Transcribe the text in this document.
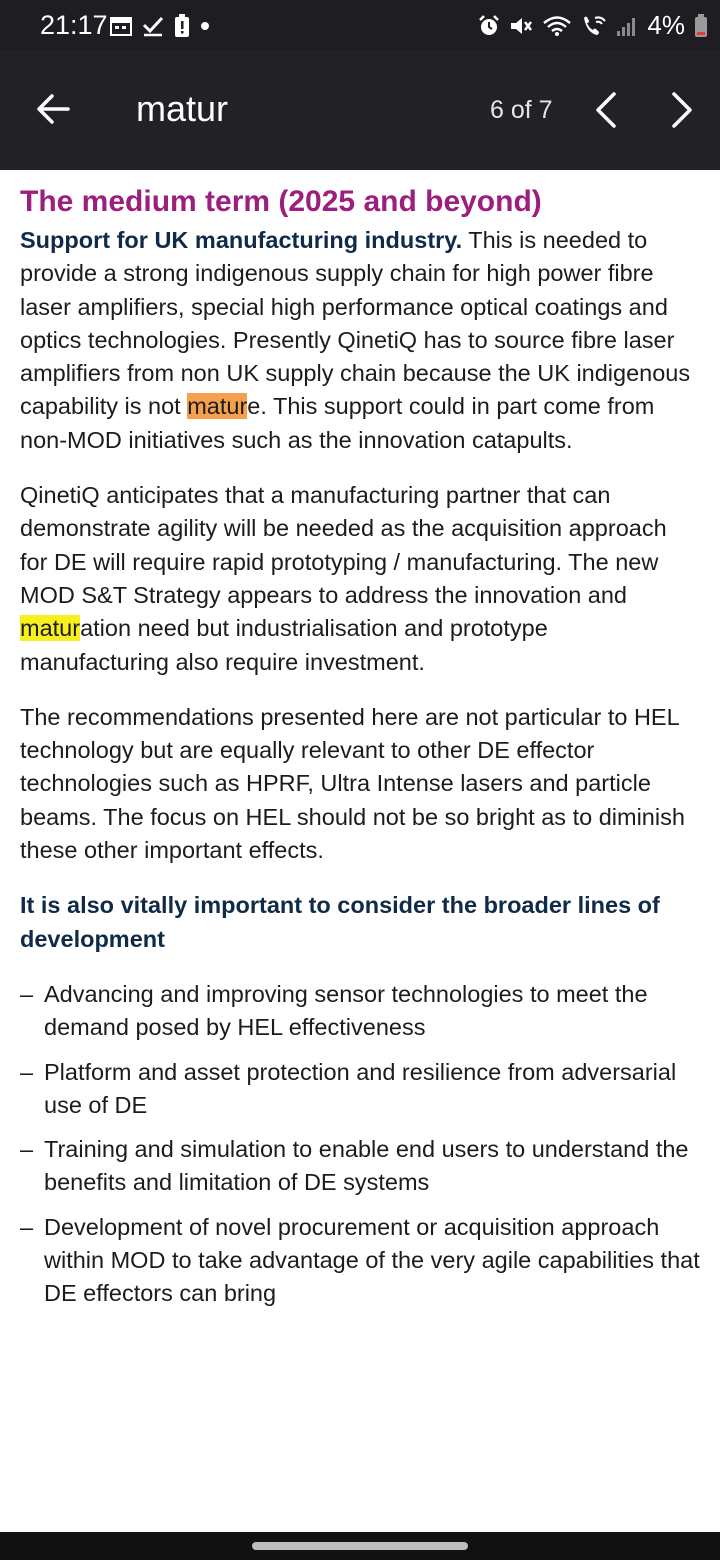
21:17	4%
matur	6 of 7
The medium term (2025 and beyond)

Support for UK manufacturing industry. This is needed to provide a strong indigenous supply chain for high power fibre laser amplifiers, special high performance optical coatings and optics technologies. Presently QinetiQ has to source fibre laser amplifiers from non UK supply chain because the UK indigenous capability is not mature. This support could in part come from non-MOD initiatives such as the innovation catapults.

QinetiQ anticipates that a manufacturing partner that can demonstrate agility will be needed as the acquisition approach for DE will require rapid prototyping / manufacturing. The new MOD S&T Strategy appears to address the innovation and maturation need but industrialisation and prototype manufacturing also require investment.

The recommendations presented here are not particular to HEL technology but are equally relevant to other DE effector technologies such as HPRF, Ultra Intense lasers and particle beams. The focus on HEL should not be so bright as to diminish these other important effects.

It is also vitally important to consider the broader lines of development
– Advancing and improving sensor technologies to meet the demand posed by HEL effectiveness
– Platform and asset protection and resilience from adversarial use of DE
– Training and simulation to enable end users to understand the benefits and limitation of DE systems
– Development of novel procurement or acquisition approach within MOD to take advantage of the very agile capabilities that DE effectors can bring
